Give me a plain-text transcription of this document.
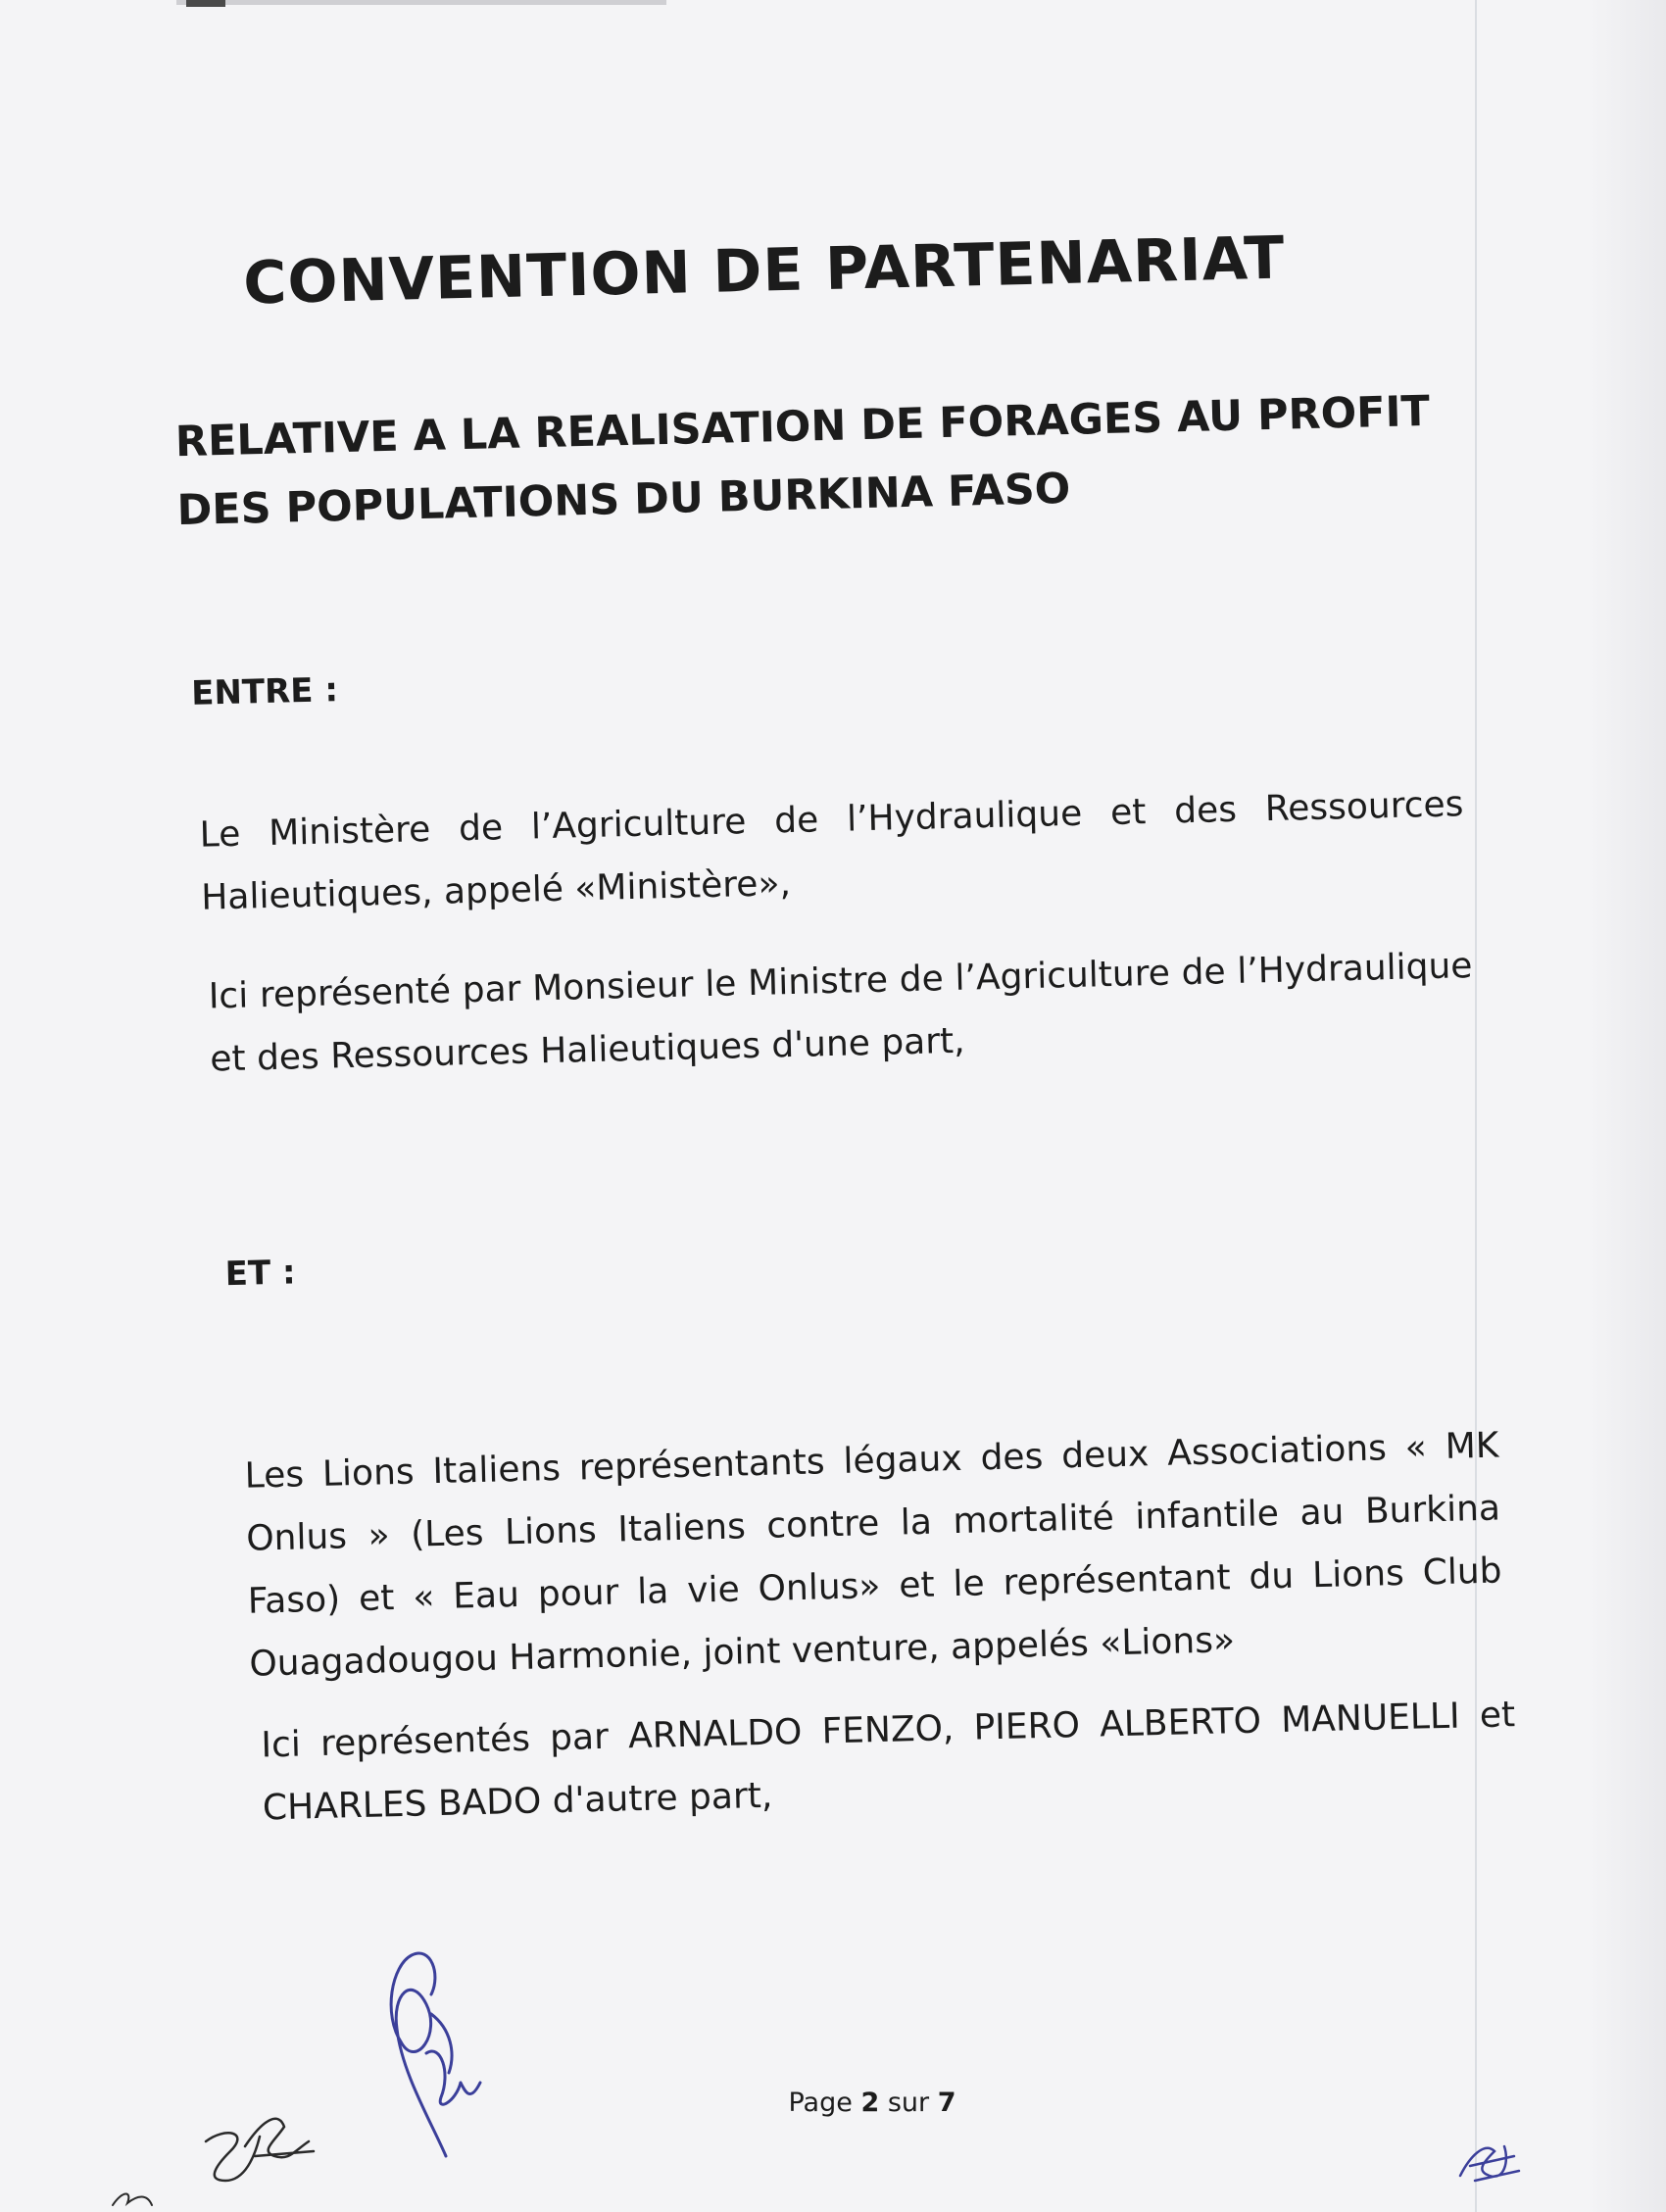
CONVENTION DE PARTENARIAT
RELATIVE A LA REALISATION DE FORAGES AU PROFIT
DES POPULATIONS DU BURKINA FASO
ENTRE :
Le Ministère de l’Agriculture de l’Hydraulique et des Ressources Halieutiques, appelé «Ministère»,
Ici représenté par Monsieur le Ministre de l’Agriculture de l’Hydraulique et des Ressources Halieutiques d'une part,
ET :
Les Lions Italiens représentants légaux des deux Associations « MK Onlus » (Les Lions Italiens contre la mortalité infantile au Burkina Faso) et « Eau pour la vie Onlus» et le représentant du Lions Club Ouagadougou Harmonie, joint venture, appelés «Lions»
Ici représentés par ARNALDO FENZO, PIERO ALBERTO MANUELLI et CHARLES BADO d'autre part,
Page 2 sur 7
